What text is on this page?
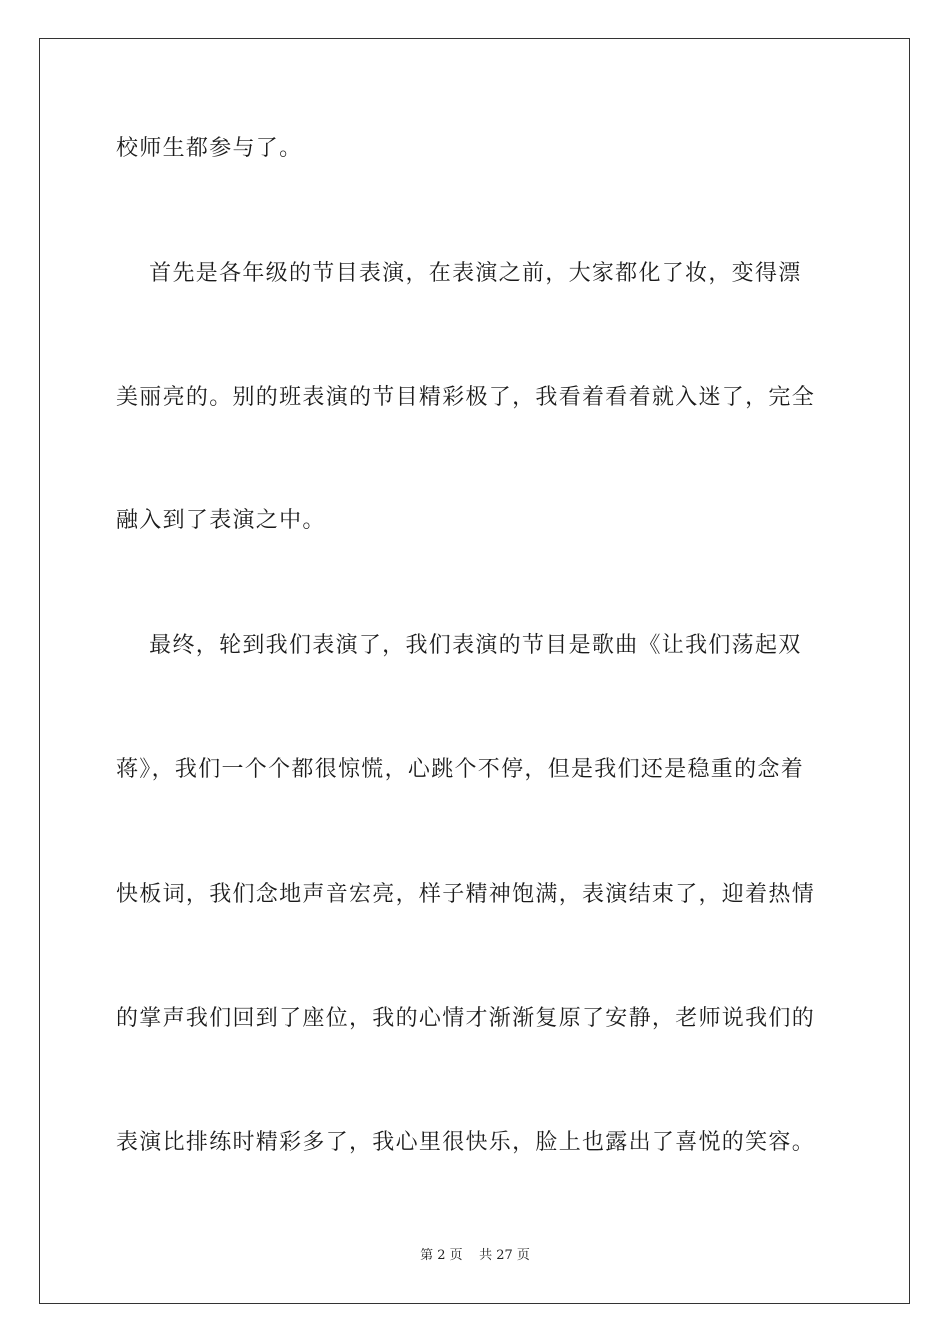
校师生都参与了。
首先是各年级的节目表演，在表演之前，大家都化了妆，变得漂
美丽亮的。别的班表演的节目精彩极了，我看着看着就入迷了，完全
融入到了表演之中。
最终，轮到我们表演了，我们表演的节目是歌曲《让我们荡起双
蒋》，我们一个个都很惊慌，心跳个不停，但是我们还是稳重的念着
快板词，我们念地声音宏亮，样子精神饱满，表演结束了，迎着热情
的掌声我们回到了座位，我的心情才渐渐复原了安静，老师说我们的
表演比排练时精彩多了，我心里很快乐，脸上也露出了喜悦的笑容。
第 2 页    共 27 页
